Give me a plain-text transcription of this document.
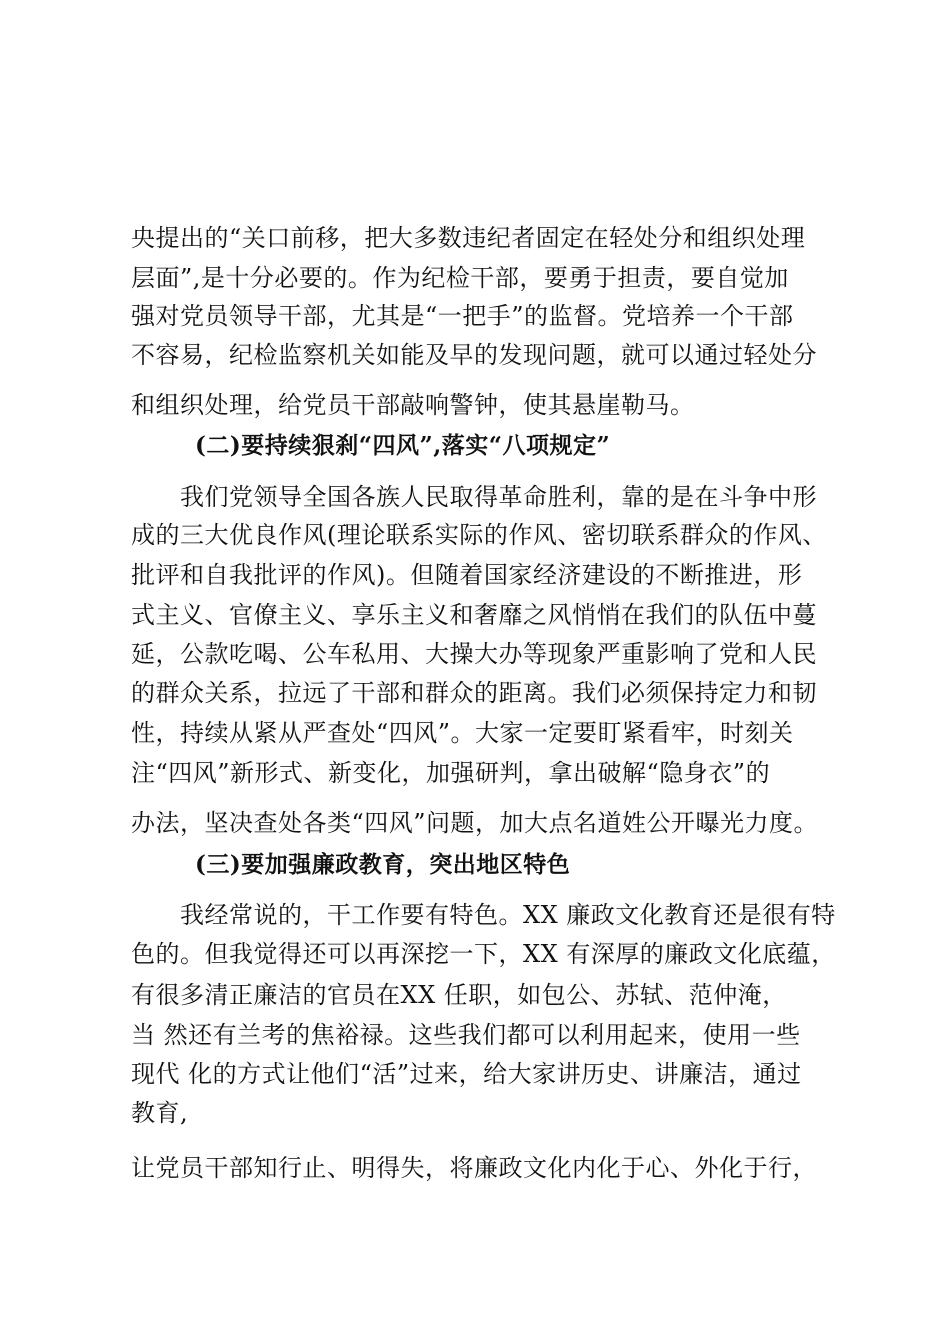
央提出的“关口前移，把大多数违纪者固定在轻处分和组织处理
层面”,是十分必要的。作为纪检干部，要勇于担责，要自觉加
强对党员领导干部，尤其是“一把手”的监督。党培养一个干部
不容易，纪检监察机关如能及早的发现问题，就可以通过轻处分
和组织处理，给党员干部敲响警钟，使其悬崖勒马。
(二)要持续狠刹“四风”,落实“八项规定”
我们党领导全国各族人民取得革命胜利，靠的是在斗争中形
成的三大优良作风(理论联系实际的作风、密切联系群众的作风、
批评和自我批评的作风)。但随着国家经济建设的不断推进，形
式主义、官僚主义、享乐主义和奢靡之风悄悄在我们的队伍中蔓
延，公款吃喝、公车私用、大操大办等现象严重影响了党和人民
的群众关系，拉远了干部和群众的距离。我们必须保持定力和韧
性，持续从紧从严查处“四风”。大家一定要盯紧看牢，时刻关
注“四风”新形式、新变化，加强研判，拿出破解“隐身衣”的
办法，坚决查处各类“四风”问题，加大点名道姓公开曝光力度。
(三)要加强廉政教育，突出地区特色
我经常说的，干工作要有特色。XX 廉政文化教育还是很有特
色的。但我觉得还可以再深挖一下，XX 有深厚的廉政文化底蕴，
有很多清正廉洁的官员在XX 任职，如包公、苏轼、范仲淹，
当 然还有兰考的焦裕禄。这些我们都可以利用起来，使用一些
现代 化的方式让他们“活”过来，给大家讲历史、讲廉洁，通过
教育,
让党员干部知行止、明得失，将廉政文化内化于心、外化于行，
